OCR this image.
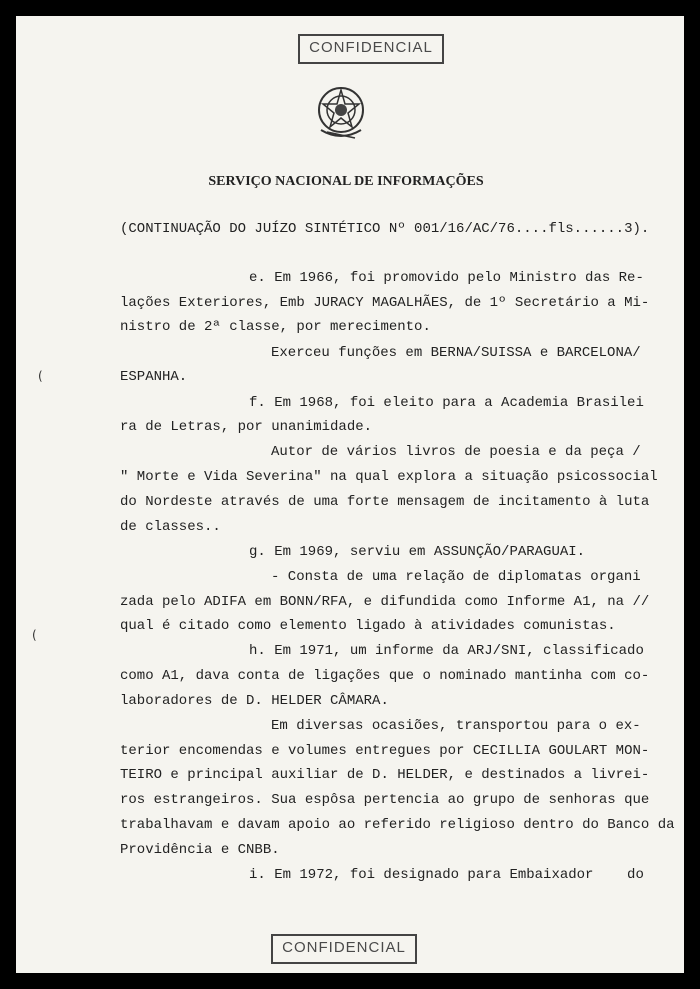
CONFIDENCIAL
SERVIÇO NACIONAL DE INFORMAÇÕES
(CONTINUAÇÃO DO JUÍZO SINTÉTICO Nº 001/16/AC/76....fls......3).
e. Em 1966, foi promovido pelo Ministro das Re-
lações Exteriores, Emb JURACY MAGALHÃES, de 1º Secretário a Mi-
nistro de 2ª classe, por merecimento.
Exerceu funções em BERNA/SUISSA e BARCELONA/
ESPANHA.
f. Em 1968, foi eleito para a Academia Brasilei
ra de Letras, por unanimidade.
Autor de vários livros de poesia e da peça /
" Morte e Vida Severina" na qual explora a situação psicossocial
do Nordeste através de uma forte mensagem de incitamento à luta
de classes..
g. Em 1969, serviu em ASSUNÇÃO/PARAGUAI.
- Consta de uma relação de diplomatas organi
zada pelo ADIFA em BONN/RFA, e difundida como Informe A1, na //
qual é citado como elemento ligado à atividades comunistas.
h. Em 1971, um informe da ARJ/SNI, classificado
como A1, dava conta de ligações que o nominado mantinha com co-
laboradores de D. HELDER CÂMARA.
Em diversas ocasiões, transportou para o ex-
terior encomendas e volumes entregues por CECILLIA GOULART MON-
TEIRO e principal auxiliar de D. HELDER, e destinados a livrei-
ros estrangeiros. Sua espôsa pertencia ao grupo de senhoras que
trabalhavam e davam apoio ao referido religioso dentro do Banco da
Providência e CNBB.
i. Em 1972, foi designado para Embaixador    do
(
(
CONFIDENCIAL
